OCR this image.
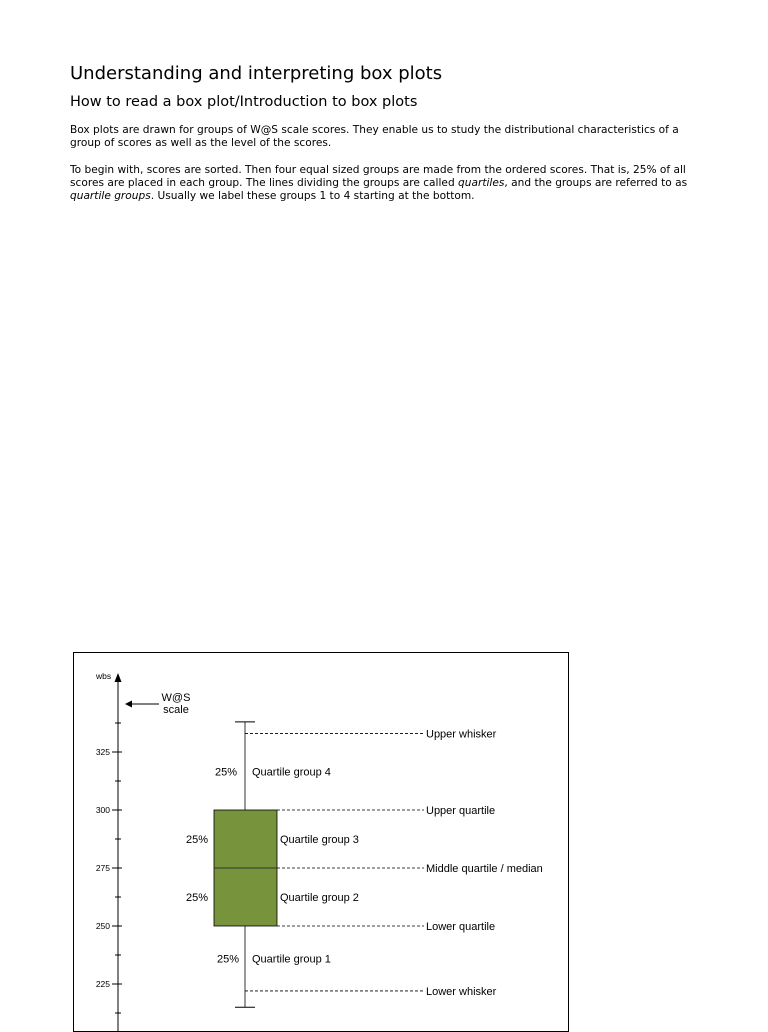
Understanding and interpreting box plots
How to read a box plot/Introduction to box plots

Box plots are drawn for groups of W@S scale scores. They enable us to study the distributional characteristics of a group of scores as well as the level of the scores.

To begin with, scores are sorted. Then four equal sized groups are made from the ordered scores. That is, 25% of all scores are placed in each group. The lines dividing the groups are called quartiles, and the groups are referred to as quartile groups. Usually we label these groups 1 to 4 starting at the bottom.

wbs
W@S
scale
225
250
275
300
325
Upper whisker
Upper quartile
Middle quartile / median
Lower quartile
Lower whisker
25% Quartile group 4
25%	Quartile group 3
25%	Quartile group 2
25% Quartile group 1
